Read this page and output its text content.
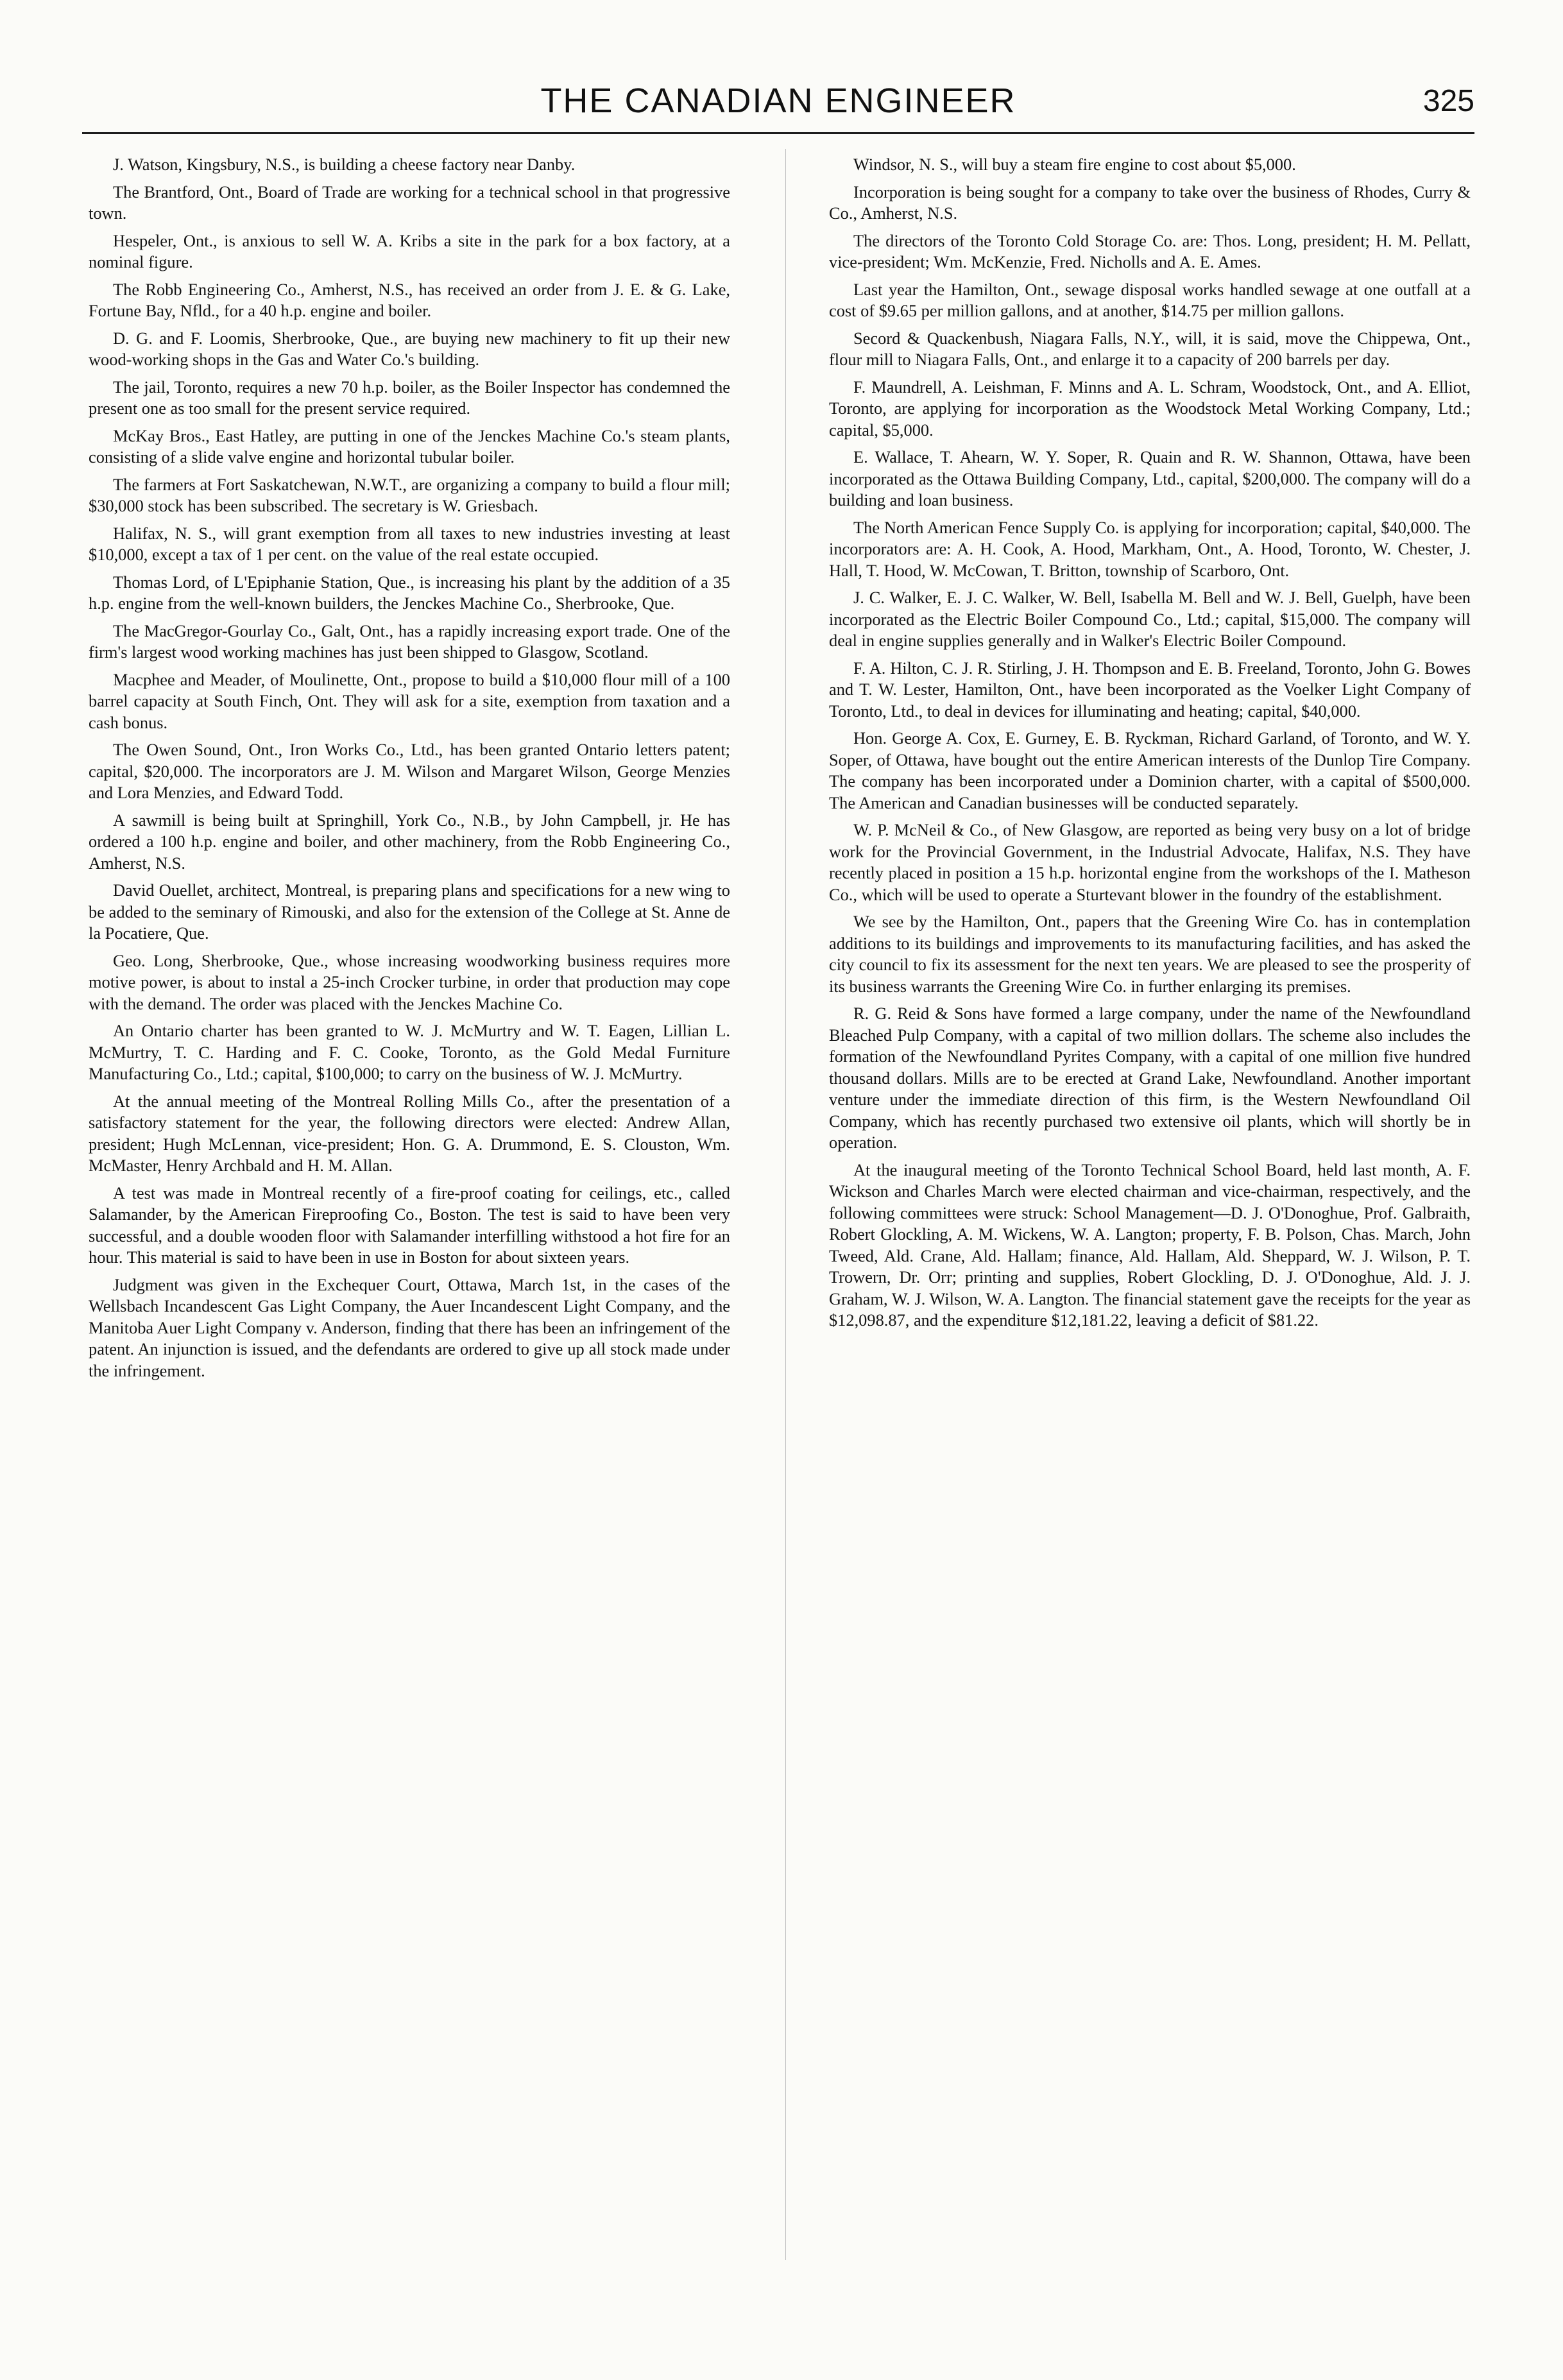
THE CANADIAN ENGINEER	325

J. Watson, Kingsbury, N.S., is building a cheese factory near Danby.

The Brantford, Ont., Board of Trade are working for a technical school in that progressive town.

Hespeler, Ont., is anxious to sell W. A. Kribs a site in the park for a box factory, at a nominal figure.

The Robb Engineering Co., Amherst, N.S., has received an order from J. E. & G. Lake, Fortune Bay, Nfld., for a 40 h.p. engine and boiler.

D. G. and F. Loomis, Sherbrooke, Que., are buying new machinery to fit up their new wood-working shops in the Gas and Water Co.'s building.

The jail, Toronto, requires a new 70 h.p. boiler, as the Boiler Inspector has condemned the present one as too small for the present service required.

McKay Bros., East Hatley, are putting in one of the Jenckes Machine Co.'s steam plants, consisting of a slide valve engine and horizontal tubular boiler.

The farmers at Fort Saskatchewan, N.W.T., are organizing a company to build a flour mill; $30,000 stock has been subscribed. The secretary is W. Griesbach.

Halifax, N. S., will grant exemption from all taxes to new industries investing at least $10,000, except a tax of 1 per cent. on the value of the real estate occupied.

Thomas Lord, of L'Epiphanie Station, Que., is increasing his plant by the addition of a 35 h.p. engine from the well-known builders, the Jenckes Machine Co., Sherbrooke, Que.

The MacGregor-Gourlay Co., Galt, Ont., has a rapidly increasing export trade. One of the firm's largest wood working machines has just been shipped to Glasgow, Scotland.

Macphee and Meader, of Moulinette, Ont., propose to build a $10,000 flour mill of a 100 barrel capacity at South Finch, Ont. They will ask for a site, exemption from taxation and a cash bonus.

The Owen Sound, Ont., Iron Works Co., Ltd., has been granted Ontario letters patent; capital, $20,000. The incorporators are J. M. Wilson and Margaret Wilson, George Menzies and Lora Menzies, and Edward Todd.

A sawmill is being built at Springhill, York Co., N.B., by John Campbell, jr. He has ordered a 100 h.p. engine and boiler, and other machinery, from the Robb Engineering Co., Amherst, N.S.

David Ouellet, architect, Montreal, is preparing plans and specifications for a new wing to be added to the seminary of Rimouski, and also for the extension of the College at St. Anne de la Pocatiere, Que.

Geo. Long, Sherbrooke, Que., whose increasing woodworking business requires more motive power, is about to instal a 25-inch Crocker turbine, in order that production may cope with the demand. The order was placed with the Jenckes Machine Co.

An Ontario charter has been granted to W. J. McMurtry and W. T. Eagen, Lillian L. McMurtry, T. C. Harding and F. C. Cooke, Toronto, as the Gold Medal Furniture Manufacturing Co., Ltd.; capital, $100,000; to carry on the business of W. J. McMurtry.

At the annual meeting of the Montreal Rolling Mills Co., after the presentation of a satisfactory statement for the year, the following directors were elected: Andrew Allan, president; Hugh McLennan, vice-president; Hon. G. A. Drummond, E. S. Clouston, Wm. McMaster, Henry Archbald and H. M. Allan.

A test was made in Montreal recently of a fire-proof coating for ceilings, etc., called Salamander, by the American Fireproofing Co., Boston. The test is said to have been very successful, and a double wooden floor with Salamander interfilling withstood a hot fire for an hour. This material is said to have been in use in Boston for about sixteen years.

Judgment was given in the Exchequer Court, Ottawa, March 1st, in the cases of the Wellsbach Incandescent Gas Light Company, the Auer Incandescent Light Company, and the Manitoba Auer Light Company v. Anderson, finding that there has been an infringement of the patent. An injunction is issued, and the defendants are ordered to give up all stock made under the infringement.

Windsor, N. S., will buy a steam fire engine to cost about $5,000.

Incorporation is being sought for a company to take over the business of Rhodes, Curry & Co., Amherst, N.S.

The directors of the Toronto Cold Storage Co. are: Thos. Long, president; H. M. Pellatt, vice-president; Wm. McKenzie, Fred. Nicholls and A. E. Ames.

Last year the Hamilton, Ont., sewage disposal works handled sewage at one outfall at a cost of $9.65 per million gallons, and at another, $14.75 per million gallons.

Secord & Quackenbush, Niagara Falls, N.Y., will, it is said, move the Chippewa, Ont., flour mill to Niagara Falls, Ont., and enlarge it to a capacity of 200 barrels per day.

F. Maundrell, A. Leishman, F. Minns and A. L. Schram, Woodstock, Ont., and A. Elliot, Toronto, are applying for incorporation as the Woodstock Metal Working Company, Ltd.; capital, $5,000.

E. Wallace, T. Ahearn, W. Y. Soper, R. Quain and R. W. Shannon, Ottawa, have been incorporated as the Ottawa Building Company, Ltd., capital, $200,000. The company will do a building and loan business.

The North American Fence Supply Co. is applying for incorporation; capital, $40,000. The incorporators are: A. H. Cook, A. Hood, Markham, Ont., A. Hood, Toronto, W. Chester, J. Hall, T. Hood, W. McCowan, T. Britton, township of Scarboro, Ont.

J. C. Walker, E. J. C. Walker, W. Bell, Isabella M. Bell and W. J. Bell, Guelph, have been incorporated as the Electric Boiler Compound Co., Ltd.; capital, $15,000. The company will deal in engine supplies generally and in Walker's Electric Boiler Compound.

F. A. Hilton, C. J. R. Stirling, J. H. Thompson and E. B. Freeland, Toronto, John G. Bowes and T. W. Lester, Hamilton, Ont., have been incorporated as the Voelker Light Company of Toronto, Ltd., to deal in devices for illuminating and heating; capital, $40,000.

Hon. George A. Cox, E. Gurney, E. B. Ryckman, Richard Garland, of Toronto, and W. Y. Soper, of Ottawa, have bought out the entire American interests of the Dunlop Tire Company. The company has been incorporated under a Dominion charter, with a capital of $500,000. The American and Canadian businesses will be conducted separately.

W. P. McNeil & Co., of New Glasgow, are reported as being very busy on a lot of bridge work for the Provincial Government, in the Industrial Advocate, Halifax, N.S. They have recently placed in position a 15 h.p. horizontal engine from the workshops of the I. Matheson Co., which will be used to operate a Sturtevant blower in the foundry of the establishment.

We see by the Hamilton, Ont., papers that the Greening Wire Co. has in contemplation additions to its buildings and improvements to its manufacturing facilities, and has asked the city council to fix its assessment for the next ten years. We are pleased to see the prosperity of its business warrants the Greening Wire Co. in further enlarging its premises.

R. G. Reid & Sons have formed a large company, under the name of the Newfoundland Bleached Pulp Company, with a capital of two million dollars. The scheme also includes the formation of the Newfoundland Pyrites Company, with a capital of one million five hundred thousand dollars. Mills are to be erected at Grand Lake, Newfoundland. Another important venture under the immediate direction of this firm, is the Western Newfoundland Oil Company, which has recently purchased two extensive oil plants, which will shortly be in operation.

At the inaugural meeting of the Toronto Technical School Board, held last month, A. F. Wickson and Charles March were elected chairman and vice-chairman, respectively, and the following committees were struck: School Management—D. J. O'Donoghue, Prof. Galbraith, Robert Glockling, A. M. Wickens, W. A. Langton; property, F. B. Polson, Chas. March, John Tweed, Ald. Crane, Ald. Hallam; finance, Ald. Hallam, Ald. Sheppard, W. J. Wilson, P. T. Trowern, Dr. Orr; printing and supplies, Robert Glockling, D. J. O'Donoghue, Ald. J. J. Graham, W. J. Wilson, W. A. Langton. The financial statement gave the receipts for the year as $12,098.87, and the expenditure $12,181.22, leaving a deficit of $81.22.
